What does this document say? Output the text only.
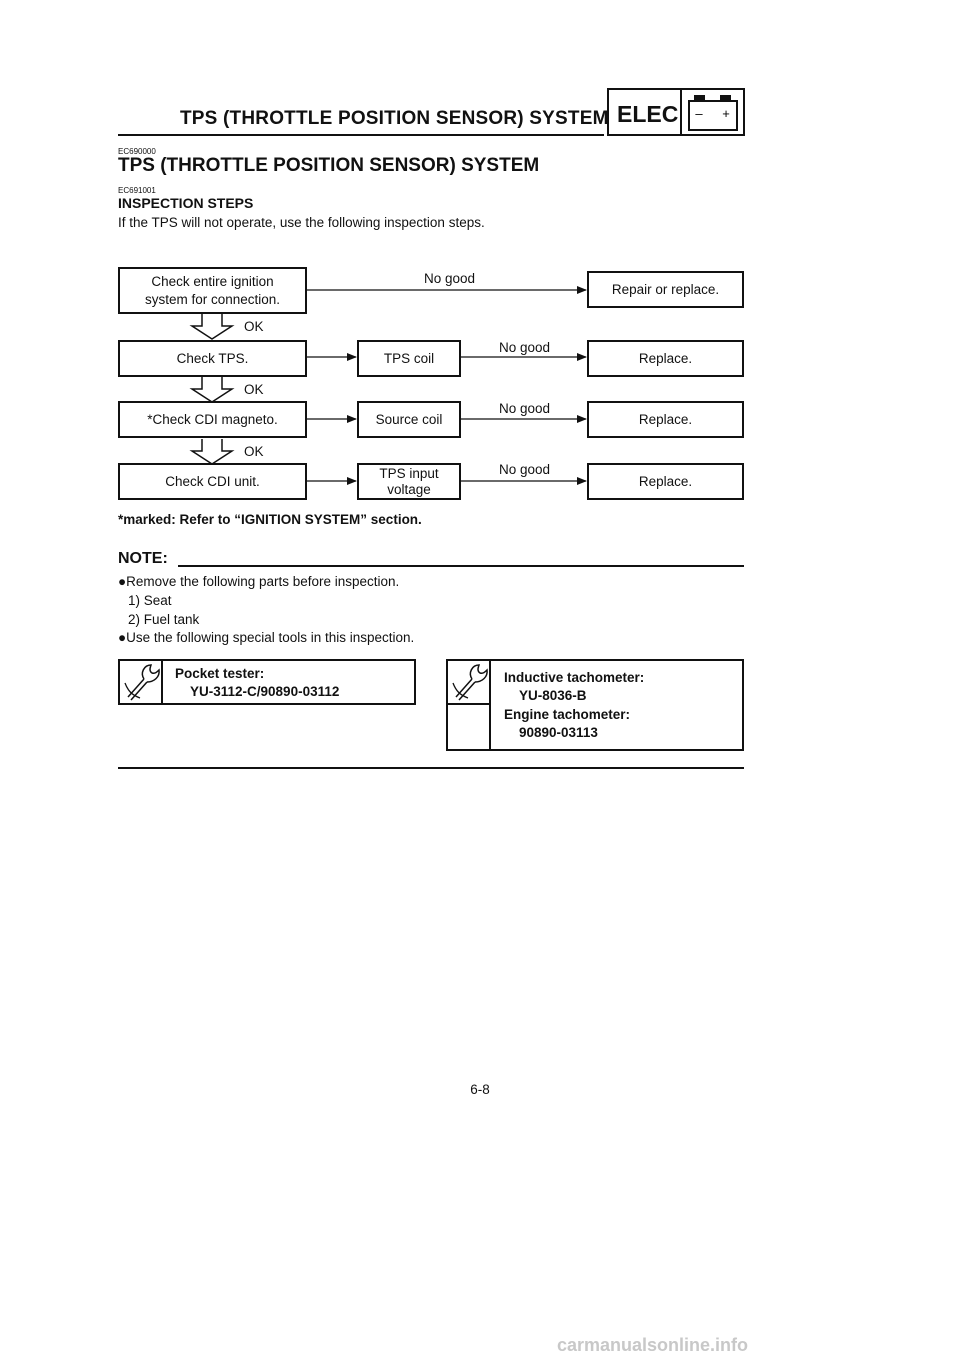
TPS (THROTTLE POSITION SENSOR) SYSTEM ELEC – +
EC690000
TPS (THROTTLE POSITION SENSOR) SYSTEM
EC691001
INSPECTION STEPS
If the TPS will not operate, use the following inspection steps.
Check entire ignition
system for connection.
No good
Repair or replace.
OK
Check TPS.	TPS coil
No good
Replace.
OK
*Check CDI magneto.	Source coil
No good
Replace.
OK
Check CDI unit.
TPS input
voltage
No good
Replace.
*marked: Refer to “IGNITION SYSTEM” section.
NOTE:
●Remove the following parts before inspection.
1) Seat
2) Fuel tank
●Use the following special tools in this inspection.
Pocket tester:
YU-3112-C/90890-03112
Inductive tachometer:
YU-8036-B
Engine tachometer:
90890-03113
6-8
carmanualsonline.info
